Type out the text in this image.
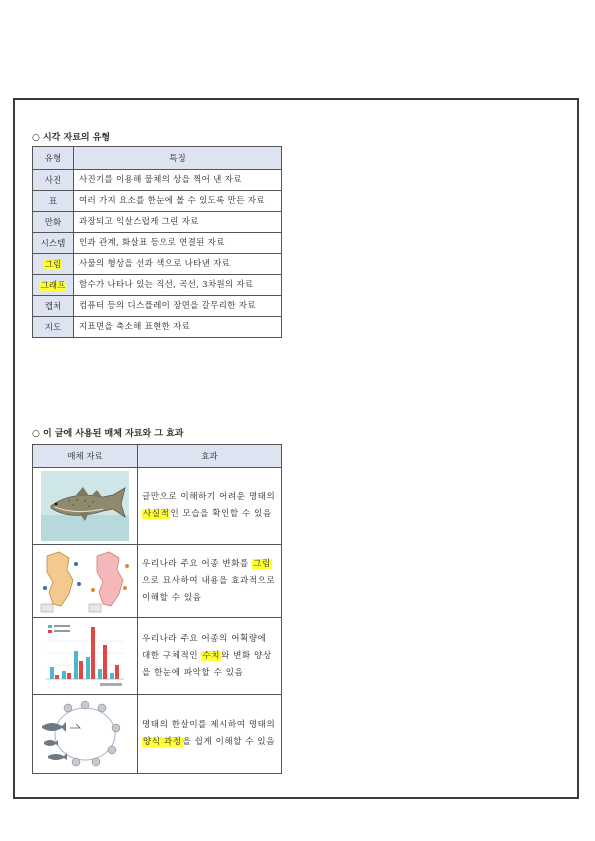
○ 시각 자료의 유형
유형	특징
사진	사진기를 이용해 물체의 상을 찍어 낸 자료
표	여러 가지 요소를 한눈에 볼 수 있도록 만든 자료
만화	과장되고 익살스럽게 그린 자료
시스템	인과 관계, 화살표 등으로 연결된 자료
그림	사물의 형상을 선과 색으로 나타낸 자료
그래프	함수가 나타나 있는 직선, 곡선, 3차원의 자료
캡처	컴퓨터 등의 디스플레이 장면을 갈무리한 자료
지도	지표면을 축소해 표현한 자료
○ 이 글에 사용된 매체 자료와 그 효과
매체 자료	효과

	글만으로 이해하기 어려운 명태의 사실적인 모습을 확인할 수 있음

	우리나라 주요 어종 변화를 그림으로 묘사하여 내용을 효과적으로 이해할 수 있음

	우리나라 주요 어종의 어획량에 대한 구체적인 수치와 변화 양상을 한눈에 파악할 수 있음

	명태의 한살이를 제시하여 명태의 양식 과정을 쉽게 이해할 수 있음
